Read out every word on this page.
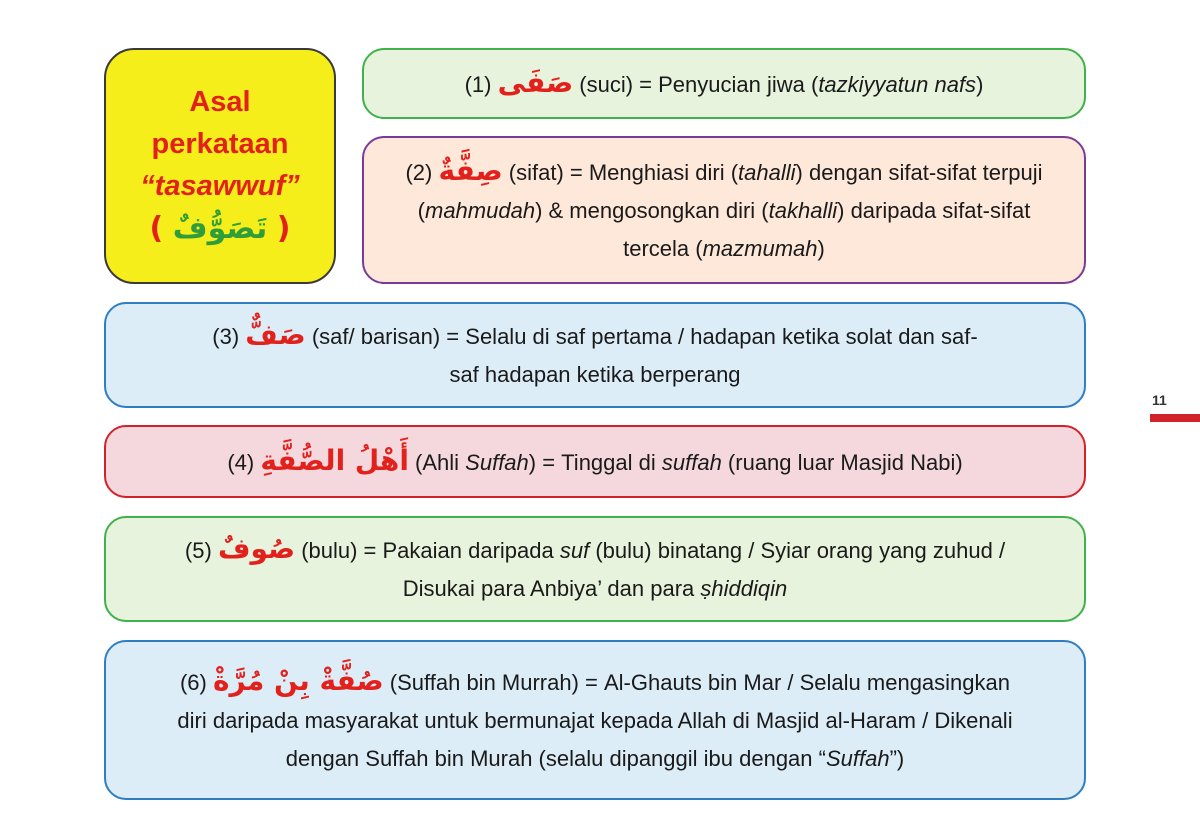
Asal
perkataan
“tasawwuf”
( تَصَوُّفٌ )

(1) صَفَى (suci) = Penyucian jiwa (tazkiyyatun nafs)

(2) صِفَّةٌ (sifat) = Menghiasi diri (tahalli) dengan sifat-sifat terpuji (mahmudah) & mengosongkan diri (takhalli) daripada sifat-sifat tercela (mazmumah)

(3) صَفٌّ (saf/ barisan) = Selalu di saf pertama / hadapan ketika solat dan saf-saf hadapan ketika berperang

(4) أَهْلُ الصُّفَّةِ (Ahli Suffah) = Tinggal di suffah (ruang luar Masjid Nabi)

(5) صُوفٌ (bulu) = Pakaian daripada suf (bulu) binatang / Syiar orang yang zuhud / Disukai para Anbiya’ dan para ṣhiddiqin

(6) صُفَّةْ بِنْ مُرَّةْ (Suffah bin Murrah) = Al-Ghauts bin Mar / Selalu mengasingkan diri daripada masyarakat untuk bermunajat kepada Allah di Masjid al-Haram / Dikenali dengan Suffah bin Murah (selalu dipanggil ibu dengan “Suffah”)

11
